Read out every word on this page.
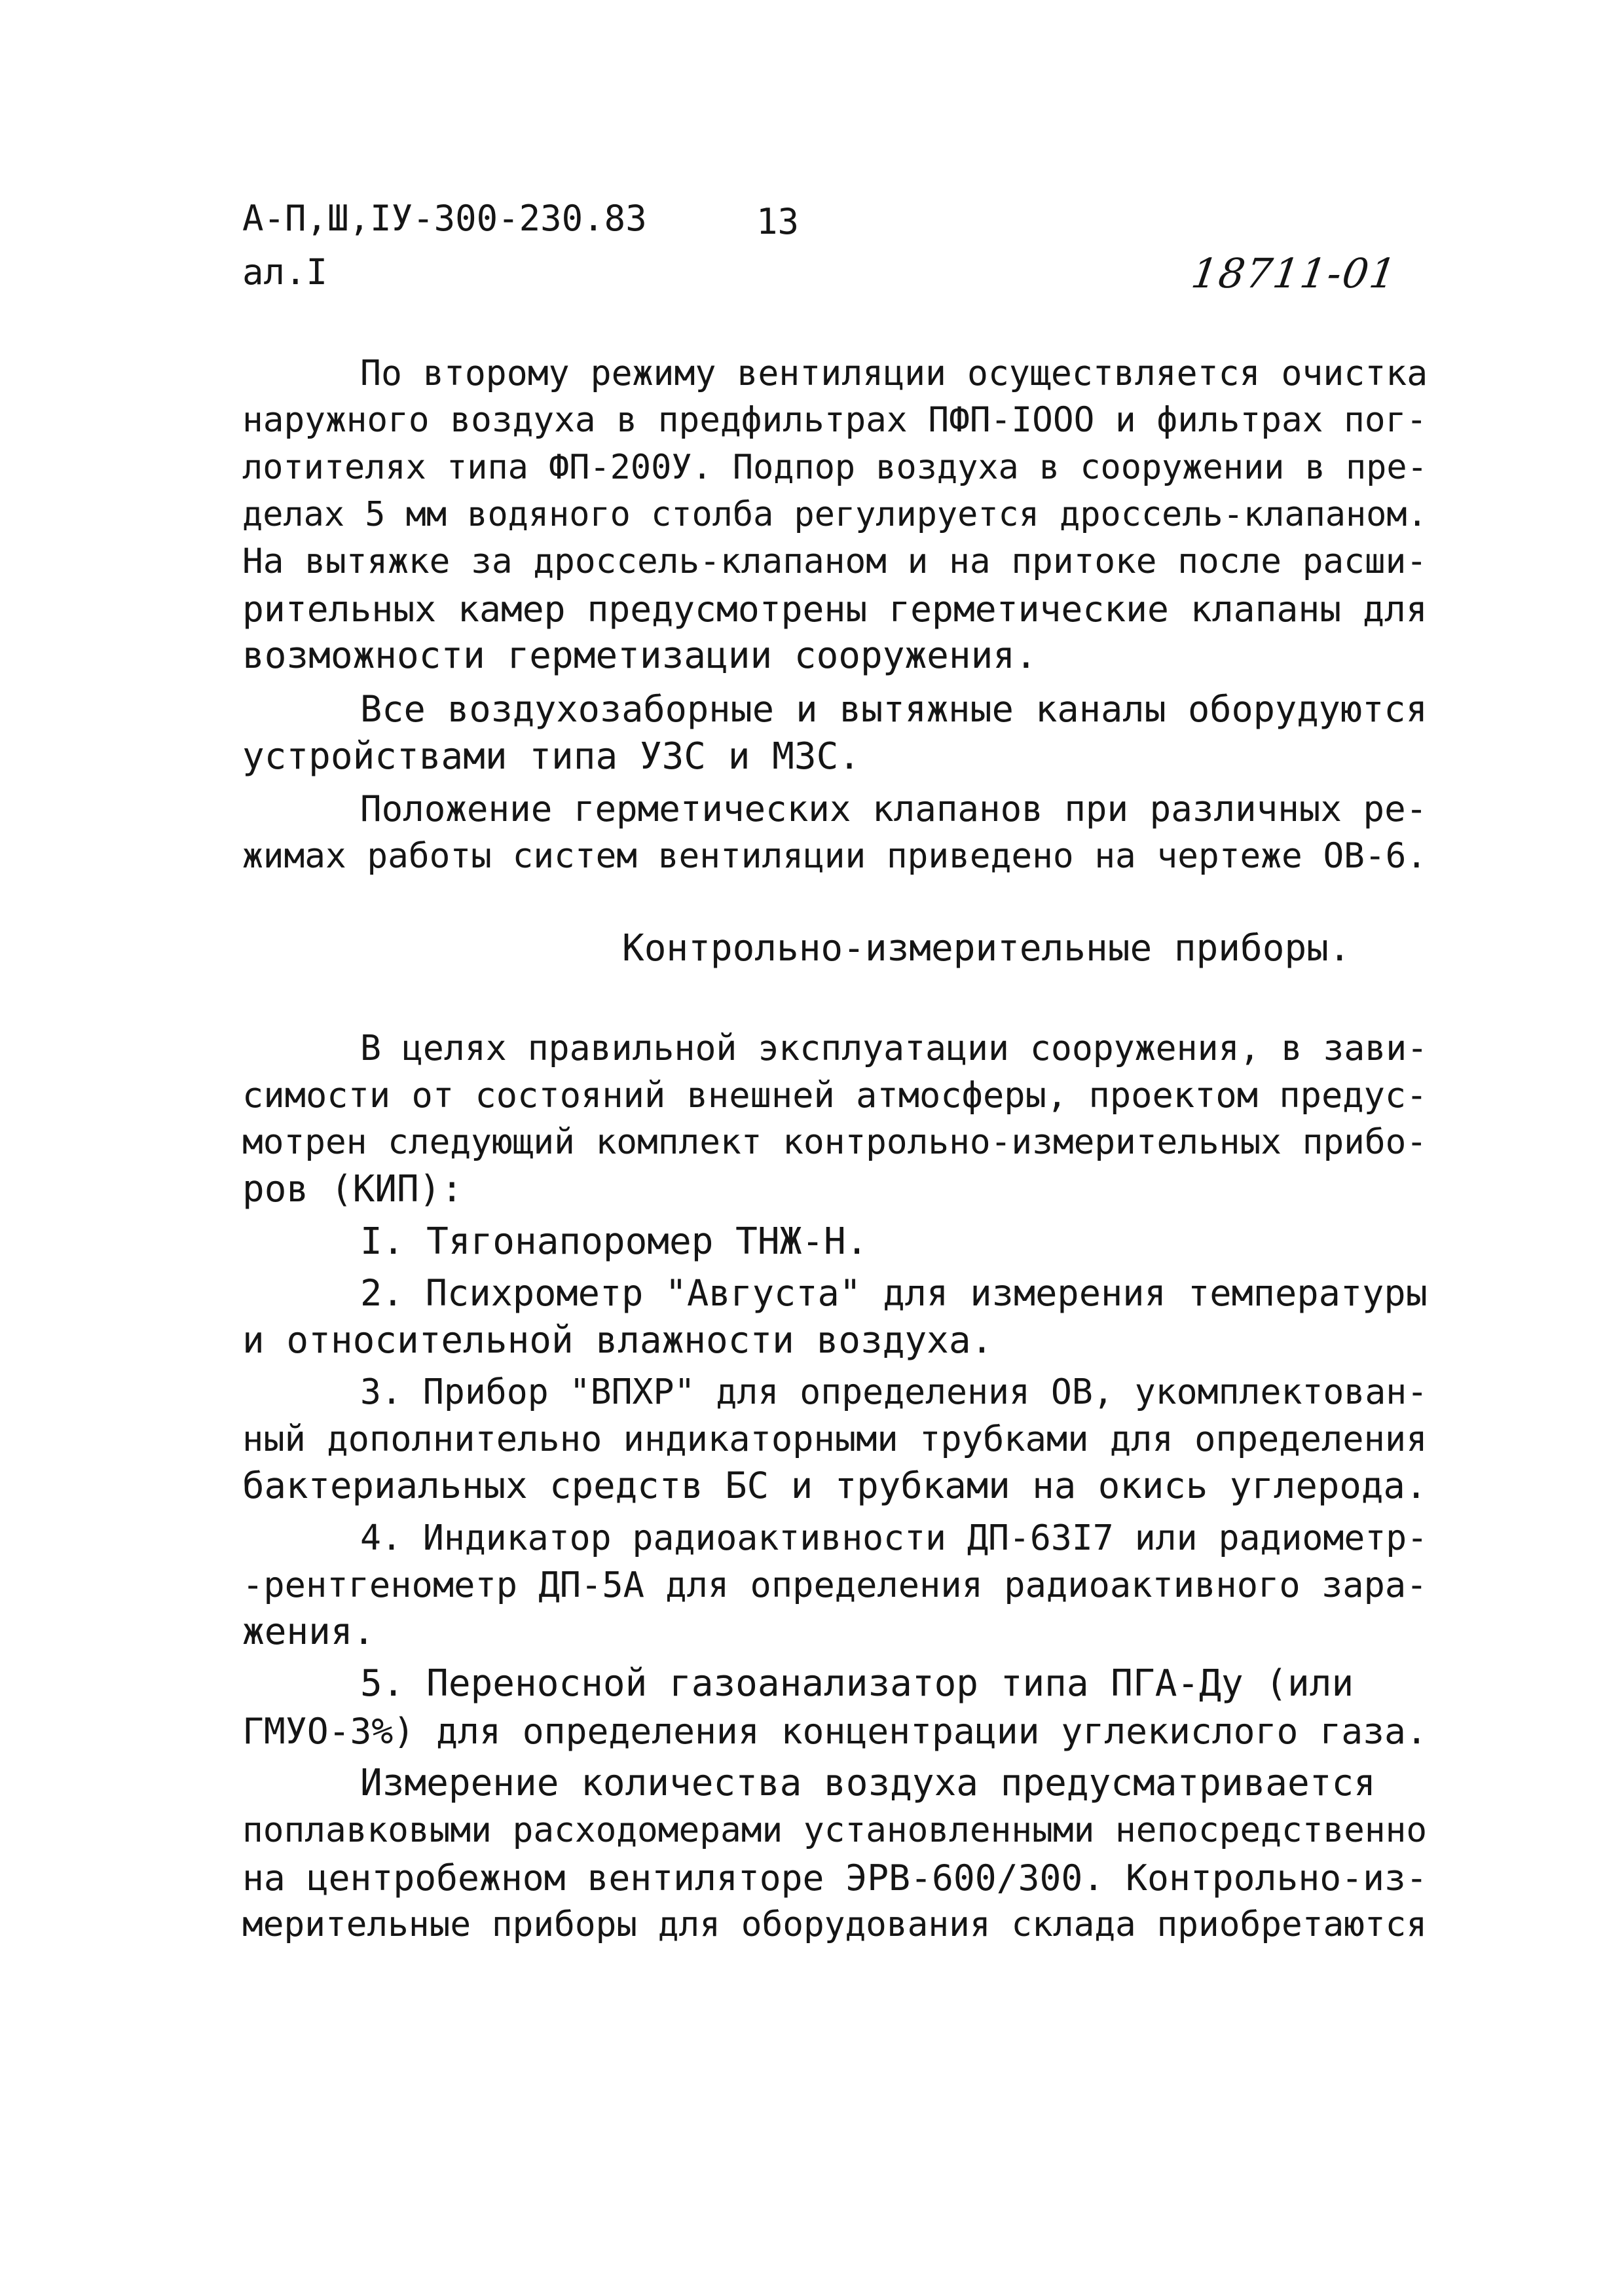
А-П,Ш,IУ-300-230.83	13
ал.I	18711-01
По второму режиму вентиляции осуществляется очистка
наружного воздуха в предфильтрах ПФП-IOOO и фильтрах пог-
лотителях типа ФП-200У. Подпор воздуха в сооружении в пре-
делах 5 мм водяного столба регулируется дроссель-клапаном.
На вытяжке за дроссель-клапаном и на притоке после расши-
рительных камер предусмотрены герметические клапаны для
возможности герметизации сооружения.
Все воздухозаборные и вытяжные каналы оборудуются
устройствами типа УЗС и МЗС.
Положение герметических клапанов при различных ре-
жимах работы систем вентиляции приведено на чертеже ОВ-6.
Контрольно-измерительные приборы.
В целях правильной эксплуатации сооружения, в зави-
симости от состояний внешней атмосферы, проектом предус-
мотрен следующий комплект контрольно-измерительных прибо-
ров (КИП):
I. Тягонапоромер ТНЖ-Н.
2. Психрометр "Августа" для измерения температуры
и относительной влажности воздуха.
3. Прибор "ВПХР" для определения ОВ, укомплектован-
ный дополнительно индикаторными трубками для определения
бактериальных средств БС и трубками на окись углерода.
4. Индикатор радиоактивности ДП-63I7 или радиометр-
-рентгенометр ДП-5А для определения радиоактивного зара-
жения.
5. Переносной газоанализатор типа ПГА-Ду (или
ГМУО-3%) для определения концентрации углекислого газа.
Измерение количества воздуха предусматривается
поплавковыми расходомерами установленными непосредственно
на центробежном вентиляторе ЭРВ-600/300. Контрольно-из-
мерительные приборы для оборудования склада приобретаются
